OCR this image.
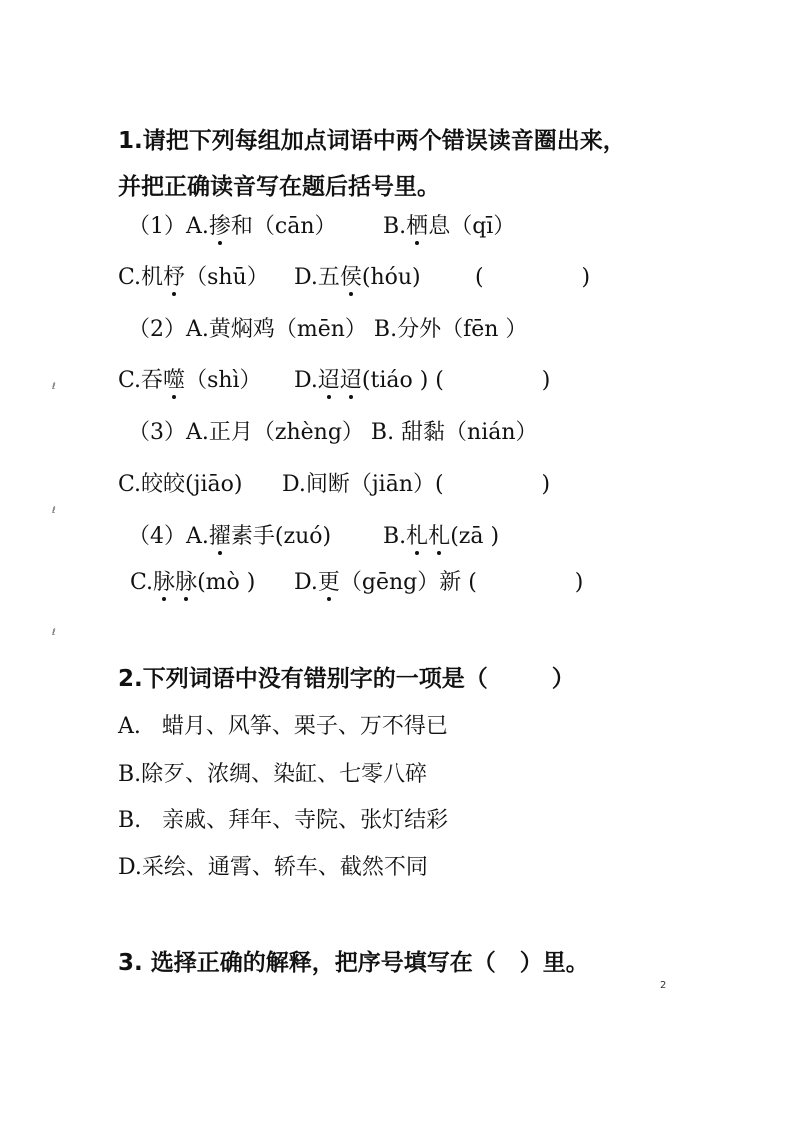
1.请把下列每组加点词语中两个错误读音圈出来，
并把正确读音写在题后括号里。
（1）A.掺和（cān） B.栖息（qī）
C.机杼（shū） D.五侯(hóu) (              )
（2）A.黄焖鸡（mēn） B.分外（fēn ）
C.吞噬（shì） D.迢迢(tiáo ) (              )
（3）A.正月（zhèng） B. 甜黏（nián）
C.皎皎(jiāo) D.间断（jiān）(              )
（4）A.擢素手(zuó) B.札札(zā )
C.脉脉(mò ) D.更（gēng）新 (              )
2.下列词语中没有错别字的一项是（        ）
A.   蜡月、风筝、栗子、万不得已
B.除歹、浓绸、染缸、七零八碎
B.   亲戚、拜年、寺院、张灯结彩
D.采绘、通霄、轿车、截然不同
3. 选择正确的解释，把序号填写在（   ）里。
ℓ
ℓ
ℓ
2
